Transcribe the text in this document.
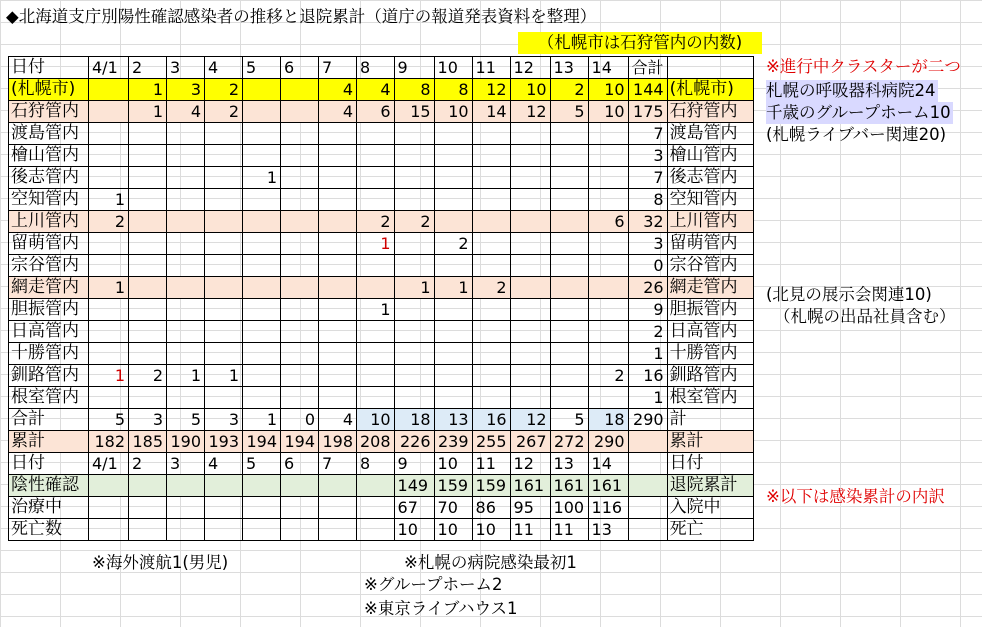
◆北海道支庁別陽性確認感染者の推移と退院累計（道庁の報道発表資料を整理）
（札幌市は石狩管内の内数)
日付	4/1	2	3	4	5	6	7	8	9	10	11	12	13	14	合計	
(札幌市)		1	3	2			4	4	8	8	12	10	2	10	144	(札幌市)
石狩管内		1	4	2			4	6	15	10	14	12	5	10	175	石狩管内
渡島管内															7	渡島管内
檜山管内															3	檜山管内
後志管内					1										7	後志管内
空知管内	1														8	空知管内
上川管内	2							2	2					6	32	上川管内
留萌管内								1		2					3	留萌管内
宗谷管内															0	宗谷管内
網走管内	1								1	1	2				26	網走管内
胆振管内								1							9	胆振管内
日高管内															2	日高管内
十勝管内															1	十勝管内
釧路管内	1	2	1	1										2	16	釧路管内
根室管内															1	根室管内
合計	5	3	5	3	1	0	4	10	18	13	16	12	5	18	290	計
累計	182	185	190	193	194	194	198	208	226	239	255	267	272	290		累計
日付	4/1	2	3	4	5	6	7	8	9	10	11	12	13	14		日付
陰性確認									149	159	159	161	161	161		退院累計
治療中									67	70	86	95	100	116		入院中
死亡数									10	10	10	11	11	13		死亡
※進行中クラスターが二つ
札幌の呼吸器科病院24
千歳のグループホーム10
(札幌ライブバー関連20)
(北見の展示会関連10)
（札幌の出品社員含む）
※以下は感染累計の内訳
※海外渡航1(男児)	※札幌の病院感染最初1
※グループホーム2
※東京ライブハウス1
